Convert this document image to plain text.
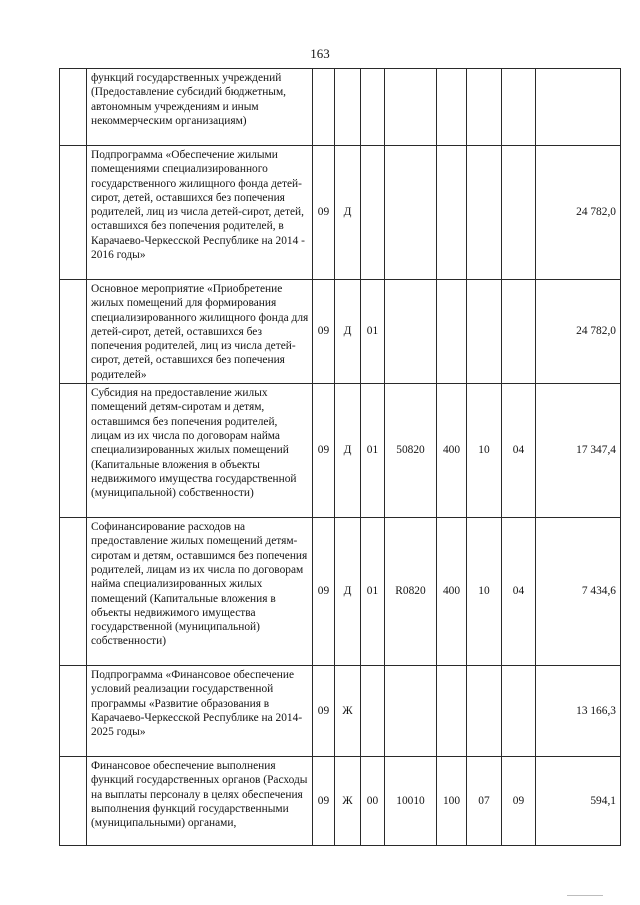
163
	функций государственных учреждений (Предоставление субсидий бюджетным, автономным учреждениям и иным некоммерческим организациям)								
	Подпрограмма «Обеспечение жилыми помещениями специализированного государственного жилищного фонда детей-сирот, детей, оставшихся без попечения родителей, лиц из числа детей-сирот, детей, оставшихся без попечения родителей, в Карачаево-Черкесской Республике на 2014 - 2016 годы»	09	Д						24 782,0
	Основное мероприятие «Приобретение жилых помещений для формирования специализированного жилищного фонда для детей-сирот, детей, оставшихся без попечения родителей, лиц из числа детей-сирот, детей, оставшихся без попечения родителей»	09	Д	01					24 782,0
	Субсидия на предоставление жилых помещений детям-сиротам и детям, оставшимся без попечения родителей, лицам из их числа по договорам найма специализированных жилых помещений (Капитальные вложения в объекты недвижимого имущества государственной (муниципальной) собственности)	09	Д	01	50820	400	10	04	17 347,4
	Софинансирование расходов на предоставление жилых помещений детям-сиротам и детям, оставшимся без попечения родителей, лицам из их числа по договорам найма специализированных жилых помещений (Капитальные вложения в объекты недвижимого имущества государственной (муниципальной) собственности)	09	Д	01	R0820	400	10	04	7 434,6
	Подпрограмма «Финансовое обеспечение условий реализации государственной программы «Развитие образования в Карачаево-Черкесской Республике на 2014-2025 годы»	09	Ж						13 166,3
	Финансовое обеспечение выполнения функций государственных органов (Расходы на выплаты персоналу в целях обеспечения выполнения функций государственными (муниципальными) органами,	09	Ж	00	10010	100	07	09	594,1
